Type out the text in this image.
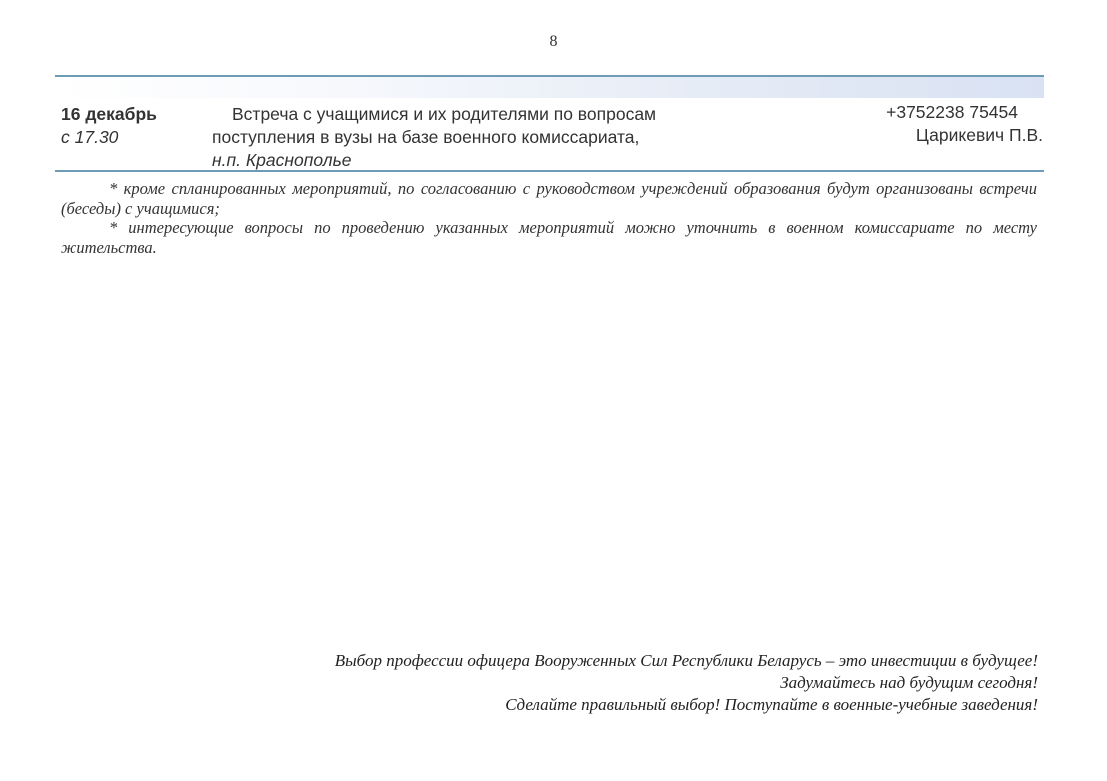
8
16 декабрь
с 17.30
Встреча с учащимися и их родителями по вопросам
поступления в вузы на базе военного комиссариата,
н.п. Краснополье
+3752238 75454
Царикевич П.В.
* кроме спланированных мероприятий, по согласованию с руководством учреждений образования будут организованы встречи (беседы) с учащимися;
* интересующие вопросы по проведению указанных мероприятий можно уточнить в военном комиссариате по месту жительства.
Выбор профессии офицера Вооруженных Сил Республики Беларусь – это инвестиции в будущее!
Задумайтесь над будущим сегодня!
Сделайте правильный выбор! Поступайте в военные-учебные заведения!
